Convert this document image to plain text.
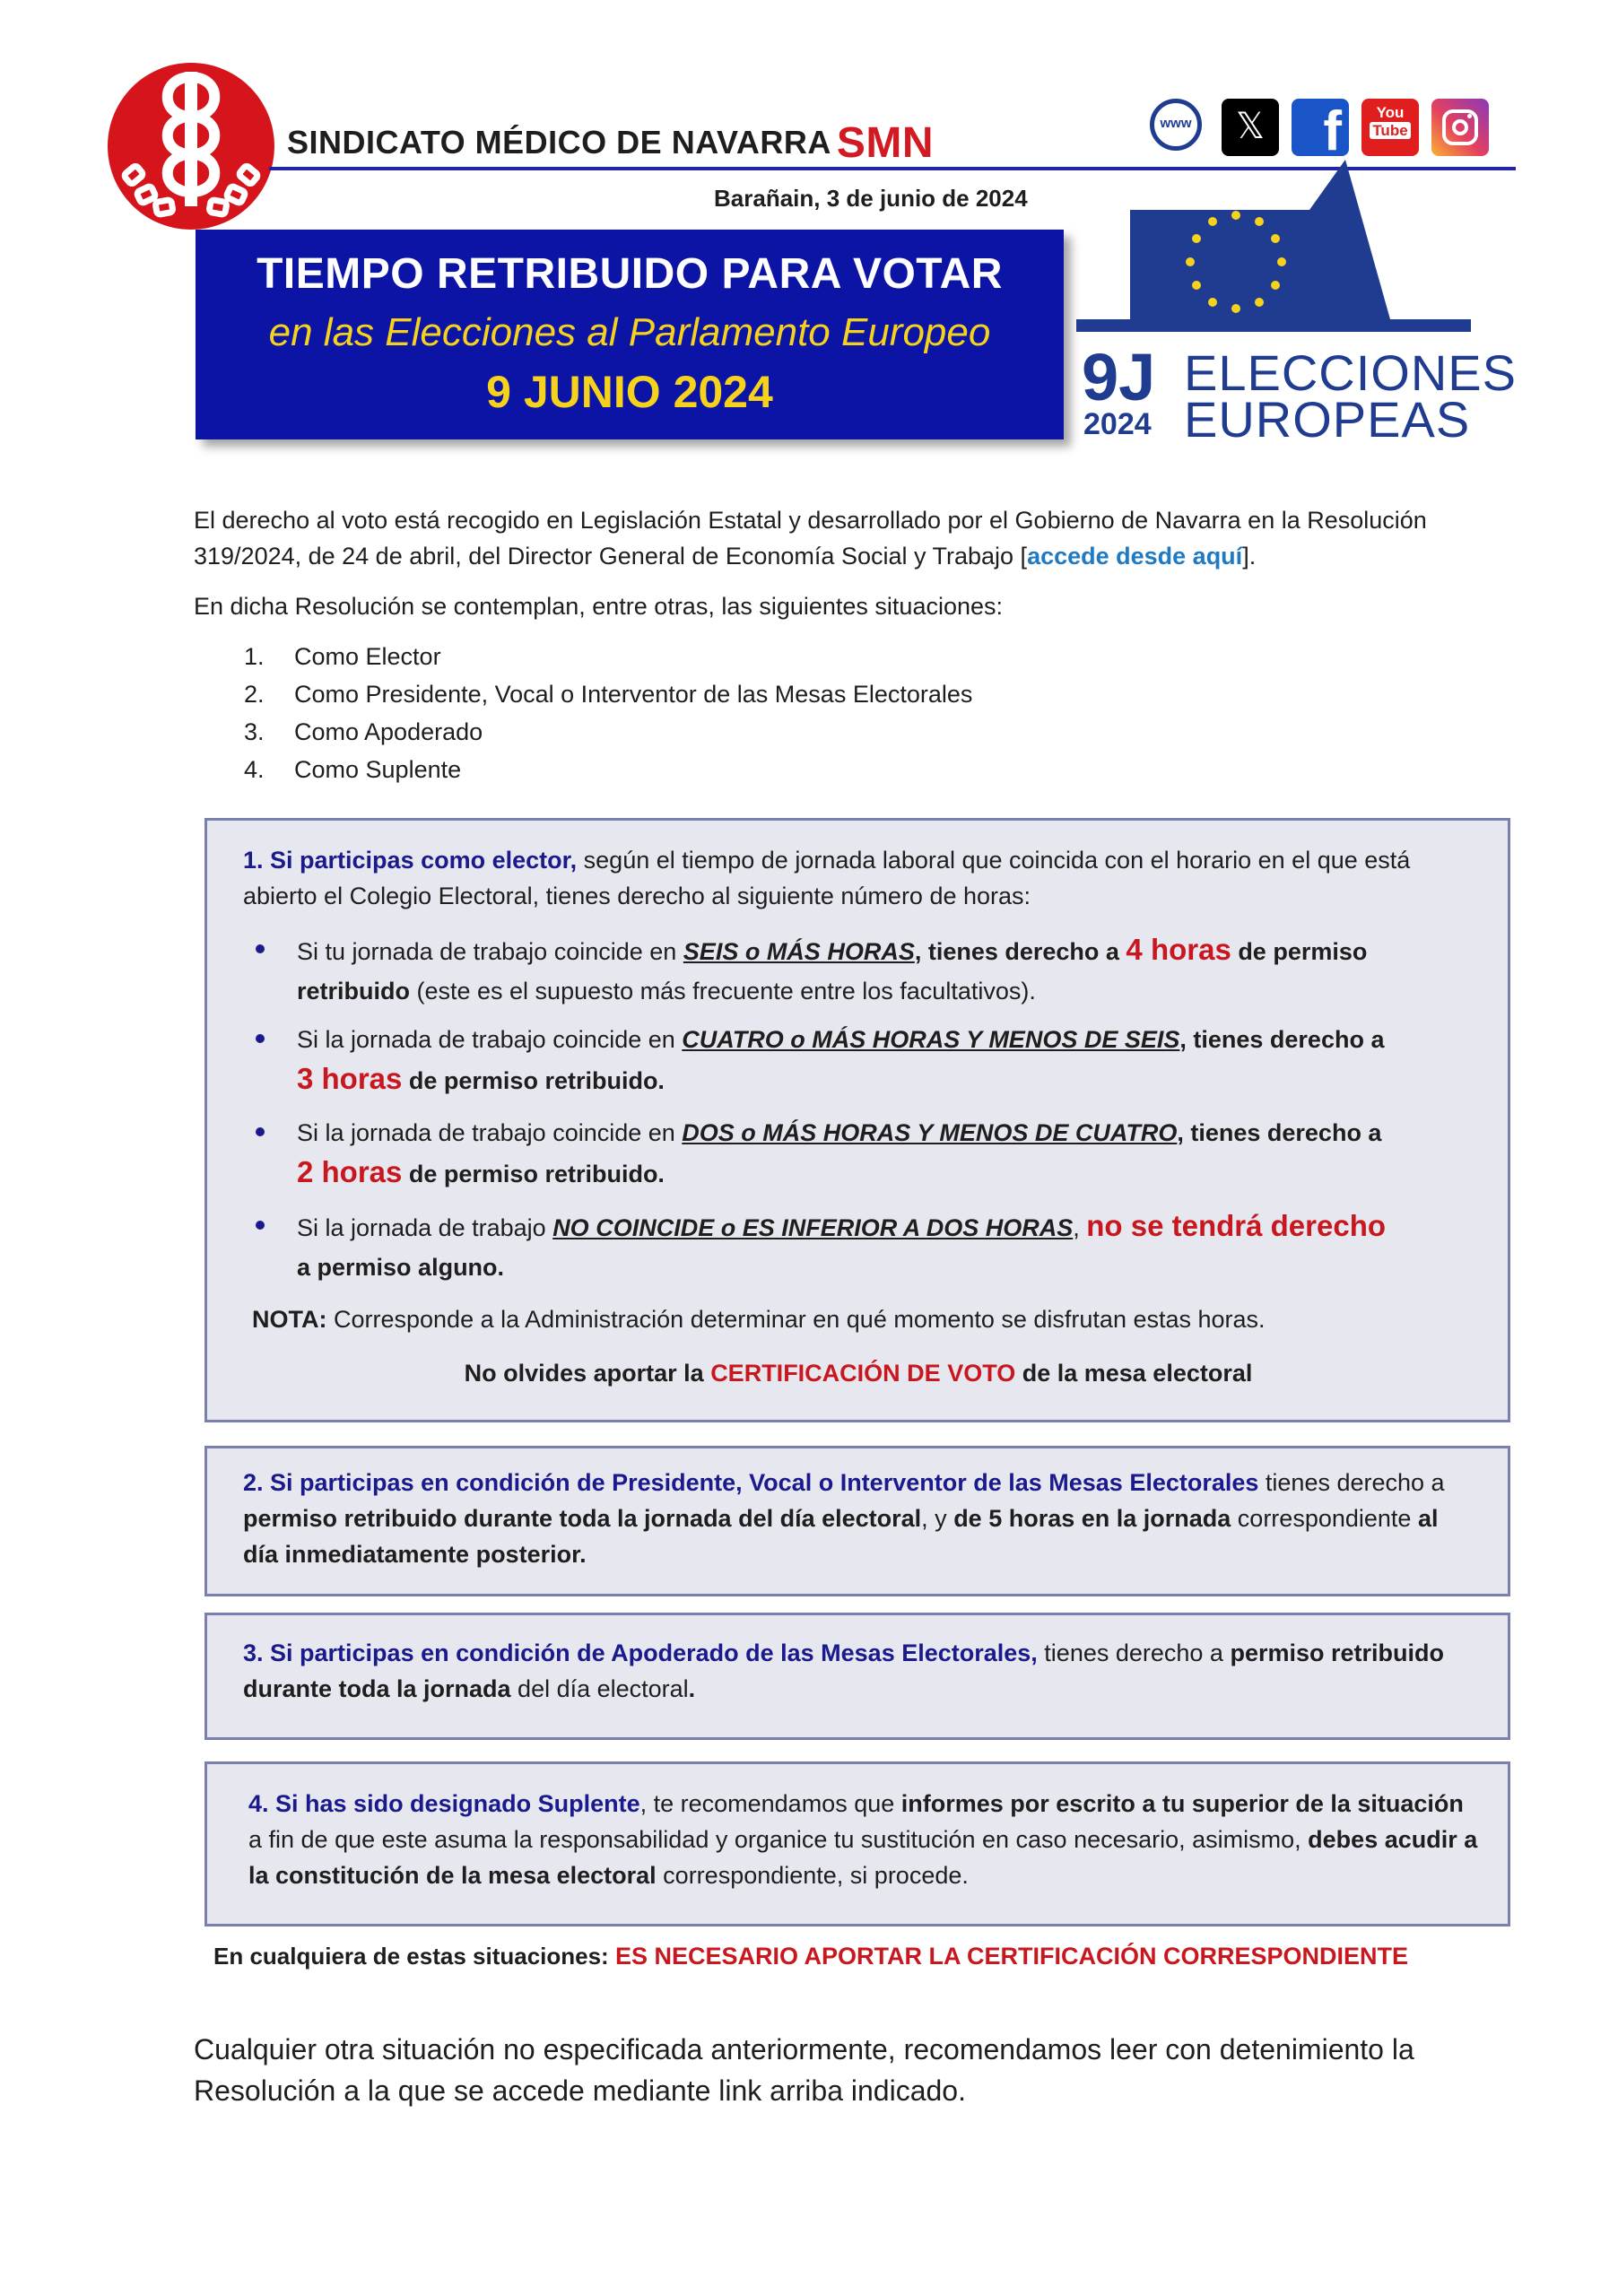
SINDICATO MÉDICO DE NAVARRA SMN	www	𝕏 f	You
Tube
Barañain, 3 de junio de 2024
TIEMPO RETRIBUIDO PARA VOTAR
en las Elecciones al Parlamento Europeo
9 JUNIO 2024	9J
2024
ELECCIONES
EUROPEAS
El derecho al voto está recogido en Legislación Estatal y desarrollado por el Gobierno de Navarra en la Resolución 319/2024, de 24 de abril, del Director General de Economía Social y Trabajo [accede desde aquí].
En dicha Resolución se contemplan, entre otras, las siguientes situaciones:
1. Como Elector
2. Como Presidente, Vocal o Interventor de las Mesas Electorales
3. Como Apoderado
4. Como Suplente
1. Si participas como elector, según el tiempo de jornada laboral que coincida con el horario en el que está abierto el Colegio Electoral, tienes derecho al siguiente número de horas:
Si tu jornada de trabajo coincide en SEIS o MÁS HORAS, tienes derecho a 4 horas de permiso retribuido (este es el supuesto más frecuente entre los facultativos).
Si la jornada de trabajo coincide en CUATRO o MÁS HORAS Y MENOS DE SEIS, tienes derecho a 3 horas de permiso retribuido.
Si la jornada de trabajo coincide en DOS o MÁS HORAS Y MENOS DE CUATRO, tienes derecho a 2 horas de permiso retribuido.
Si la jornada de trabajo NO COINCIDE o ES INFERIOR A DOS HORAS, no se tendrá derecho a permiso alguno.
NOTA: Corresponde a la Administración determinar en qué momento se disfrutan estas horas.
No olvides aportar la CERTIFICACIÓN DE VOTO de la mesa electoral
2. Si participas en condición de Presidente, Vocal o Interventor de las Mesas Electorales tienes derecho a permiso retribuido durante toda la jornada del día electoral, y de 5 horas en la jornada correspondiente al día inmediatamente posterior.
3. Si participas en condición de Apoderado de las Mesas Electorales, tienes derecho a permiso retribuido durante toda la jornada del día electoral.
4. Si has sido designado Suplente, te recomendamos que informes por escrito a tu superior de la situación a fin de que este asuma la responsabilidad y organice tu sustitución en caso necesario, asimismo, debes acudir a la constitución de la mesa electoral correspondiente, si procede.
En cualquiera de estas situaciones: ES NECESARIO APORTAR LA CERTIFICACIÓN CORRESPONDIENTE
Cualquier otra situación no especificada anteriormente, recomendamos leer con detenimiento la Resolución a la que se accede mediante link arriba indicado.
